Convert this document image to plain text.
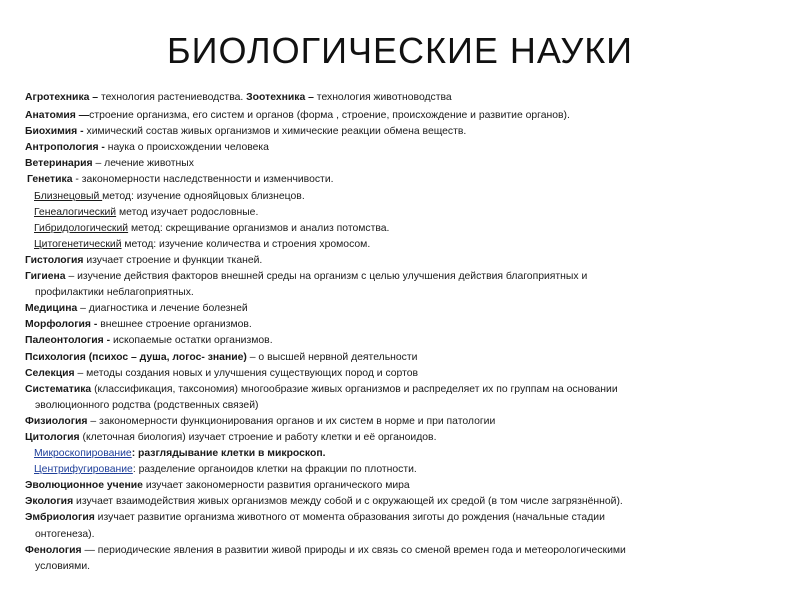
БИОЛОГИЧЕСКИЕ НАУКИ

Агротехника – технология растениеводства. Зоотехника – технология животноводства

Анатомия —строение организма, его систем и органов (форма , строение, происхождение и развитие органов).

Биохимия - химический состав живых организмов и химические реакции обмена веществ.

Антропология - наука о происхождении человека

Ветеринария – лечение животных

Генетика - закономерности наследственности и изменчивости.

Близнецовый метод: изучение однояйцовых близнецов.

Генеалогический метод изучает родословные.

Гибридологический метод: скрещивание организмов и анализ потомства.

Цитогенетический метод: изучение количества и строения хромосом.

Гистология изучает строение и функции тканей.

Гигиена – изучение действия факторов внешней среды на организм с целью улучшения действия благоприятных и
профилактики неблагоприятных.

Медицина – диагностика и лечение болезней

Морфология - внешнее строение организмов.

Палеонтология - ископаемые остатки организмов.

Психология (психос – душа, логос- знание) – о высшей нервной деятельности

Селекция – методы создания новых и улучшения существующих пород и сортов

Систематика (классификация, таксономия) многообразие живых организмов и распределяет их по группам на основании
эволюционного родства (родственных связей)

Физиология – закономерности функционирования органов и их систем в норме и при патологии

Цитология (клеточная биология) изучает строение и работу клетки и её органоидов.

Микроскопирование: разглядывание клетки в микроскоп.

Центрифугирование: разделение органоидов клетки на фракции по плотности.

Эволюционное учение изучает закономерности развития органического мира

Экология изучает взаимодействия живых организмов между собой и с окружающей их средой (в том числе загрязнённой).

Эмбриология изучает развитие организма животного от момента образования зиготы до рождения (начальные стадии
онтогенеза).

Фенология — периодические явления в развитии живой природы и их связь со сменой времен года и метеорологическими
условиями.
